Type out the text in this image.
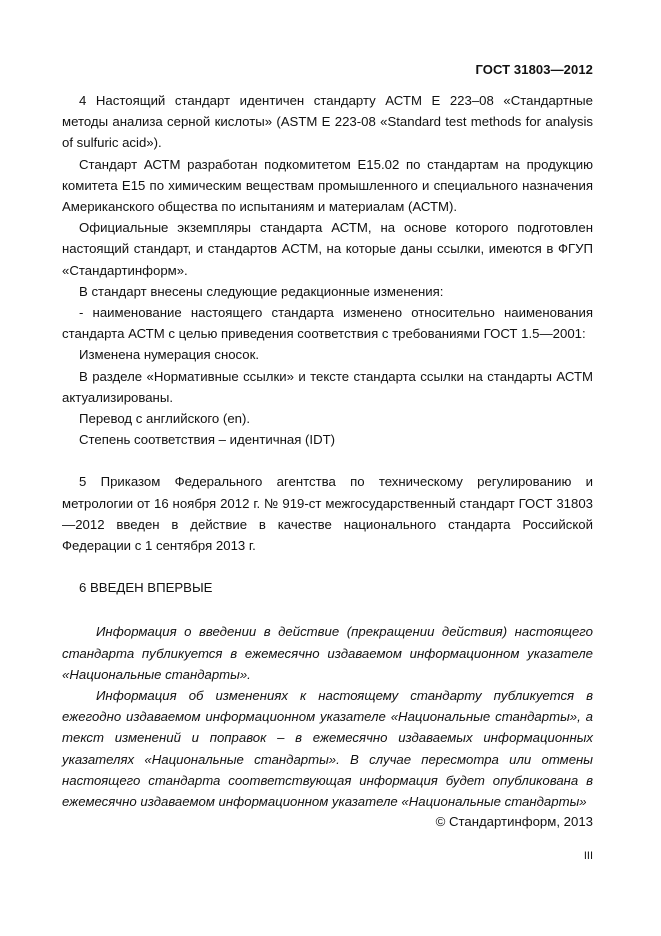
ГОСТ 31803—2012

4 Настоящий стандарт идентичен стандарту АСТМ Е 223–08 «Стандартные методы анализа серной кислоты» (ASTM E 223-08 «Standard test methods for analysis of sulfuric acid»).

Стандарт АСТМ разработан подкомитетом Е15.02 по стандартам на продукцию комитета Е15 по химическим веществам промышленного и специального назначения Американского общества по испытаниям и материалам (АСТМ).

Официальные экземпляры стандарта АСТМ, на основе которого подготовлен настоящий стандарт, и стандартов АСТМ, на которые даны ссылки, имеются в ФГУП «Стандартинформ».

В стандарт внесены следующие редакционные изменения:

- наименование настоящего стандарта изменено относительно наименования стандарта АСТМ с целью приведения соответствия с требованиями ГОСТ 1.5—2001:

Изменена нумерация сносок.

В разделе «Нормативные ссылки» и тексте стандарта ссылки на стандарты АСТМ актуализированы.

Перевод с английского (en).

Степень соответствия – идентичная (IDT)

5 Приказом Федерального агентства по техническому регулированию и метрологии от 16 ноября 2012 г. № 919-ст межгосударственный стандарт ГОСТ 31803—2012 введен в действие в качестве национального стандарта Российской Федерации с 1 сентября 2013 г.

6 ВВЕДЕН ВПЕРВЫЕ

Информация о введении в действие (прекращении действия) настоящего стандарта публикуется в ежемесячно издаваемом информационном указателе «Национальные стандарты».

Информация об изменениях к настоящему стандарту публикуется в ежегодно издаваемом информационном указателе «Национальные стандарты», а текст изменений и поправок – в ежемесячно издаваемых информационных указателях «Национальные стандарты». В случае пересмотра или отмены настоящего стандарта соответствующая информация будет опубликована в ежемесячно издаваемом информационном указателе «Национальные стандарты»

© Стандартинформ, 2013
III
